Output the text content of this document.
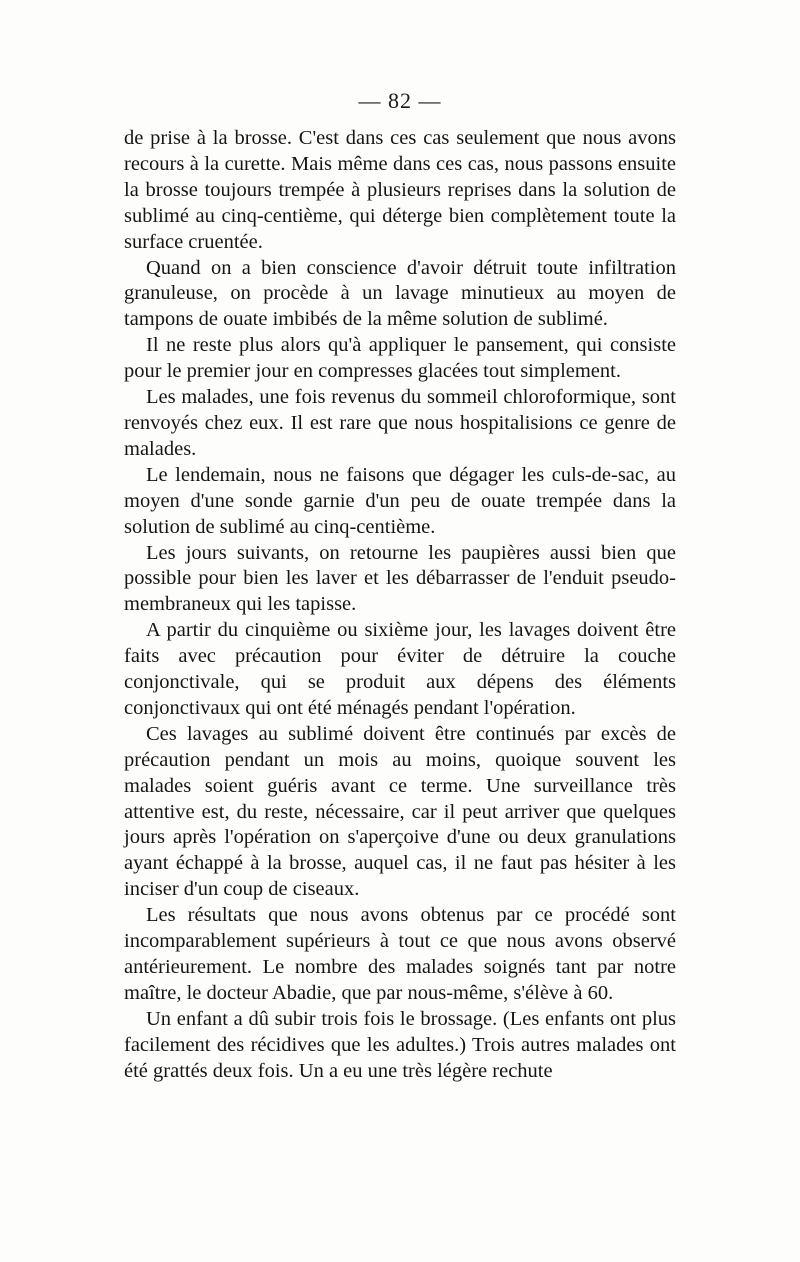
— 82 —

de prise à la brosse. C'est dans ces cas seulement que nous avons recours à la curette. Mais même dans ces cas, nous passons ensuite la brosse toujours trempée à plusieurs reprises dans la solution de sublimé au cinq-centième, qui déterge bien complètement toute la surface cruentée.

Quand on a bien conscience d'avoir détruit toute infiltration granuleuse, on procède à un lavage minutieux au moyen de tampons de ouate imbibés de la même solution de sublimé.

Il ne reste plus alors qu'à appliquer le pansement, qui consiste pour le premier jour en compresses glacées tout simplement.

Les malades, une fois revenus du sommeil chloroformique, sont renvoyés chez eux. Il est rare que nous hospitalisions ce genre de malades.

Le lendemain, nous ne faisons que dégager les culs-de-sac, au moyen d'une sonde garnie d'un peu de ouate trempée dans la solution de sublimé au cinq-centième.

Les jours suivants, on retourne les paupières aussi bien que possible pour bien les laver et les débarrasser de l'enduit pseudo-membraneux qui les tapisse.

A partir du cinquième ou sixième jour, les lavages doivent être faits avec précaution pour éviter de détruire la couche conjonctivale, qui se produit aux dépens des éléments conjonctivaux qui ont été ménagés pendant l'opération.

Ces lavages au sublimé doivent être continués par excès de précaution pendant un mois au moins, quoique souvent les malades soient guéris avant ce terme. Une surveillance très attentive est, du reste, nécessaire, car il peut arriver que quelques jours après l'opération on s'aperçoive d'une ou deux granulations ayant échappé à la brosse, auquel cas, il ne faut pas hésiter à les inciser d'un coup de ciseaux.

Les résultats que nous avons obtenus par ce procédé sont incomparablement supérieurs à tout ce que nous avons observé antérieurement. Le nombre des malades soignés tant par notre maître, le docteur Abadie, que par nous-même, s'élève à 60.

Un enfant a dû subir trois fois le brossage. (Les enfants ont plus facilement des récidives que les adultes.) Trois autres malades ont été grattés deux fois. Un a eu une très légère rechute
